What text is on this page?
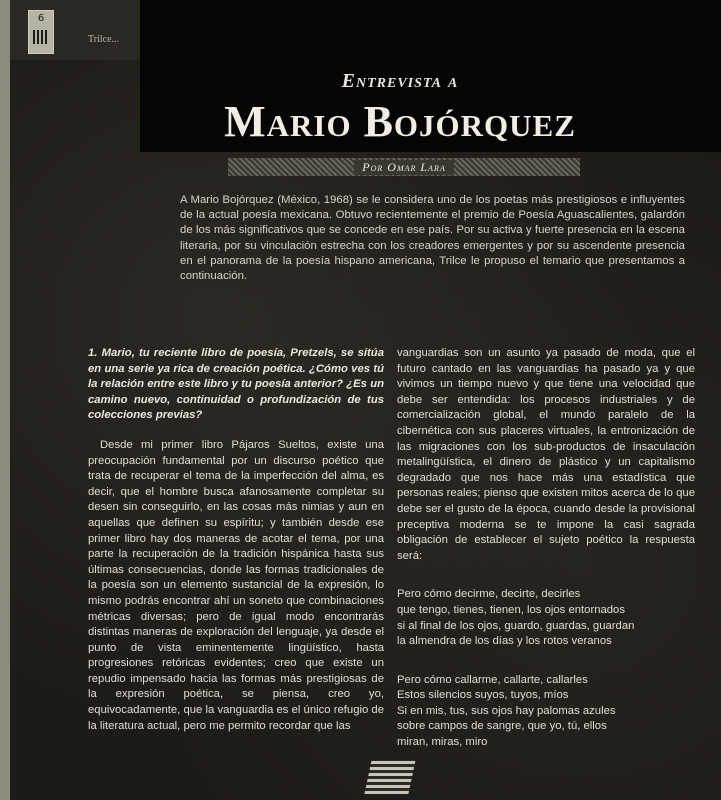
6
Trilce...
Entrevista a
Mario Bojórquez
Por Omar Lara

A Mario Bojórquez (México, 1968) se le considera uno de los poetas más prestigiosos e influyentes de la actual poesía mexicana. Obtuvo recientemente el premio de Poesía Aguascalientes, galardón de los más significativos que se concede en ese país. Por su activa y fuerte presencia en la escena literaria, por su vinculación estrecha con los creadores emergentes y por su ascendente presencia en el panorama de la poesía hispano americana, Trilce le propuso el temario que presentamos a continuación.

1. Mario, tu reciente libro de poesía, Pretzels, se sitúa en una serie ya rica de creación poética. ¿Cómo ves tú la relación entre este libro y tu poesía anterior? ¿Es un camino nuevo, continuidad o profundización de tus colecciones previas?

Desde mi primer libro Pájaros Sueltos, existe una preocupación fundamental por un discurso poético que trata de recuperar el tema de la imperfección del alma, es decir, que el hombre busca afanosamente completar su desen sin conseguirlo, en las cosas más nimias y aun en aquellas que definen su espíritu; y también desde ese primer libro hay dos maneras de acotar el tema, por una parte la recuperación de la tradición hispánica hasta sus últimas consecuencias, donde las formas tradicionales de la poesía son un elemento sustancial de la expresión, lo mismo podrás encontrar ahí un soneto que combinaciones métricas diversas; pero de igual modo encontrarás distintas maneras de exploración del lenguaje, ya desde el punto de vista eminentemente lingüístico, hasta progresiones retóricas evidentes; creo que existe un repudio impensado hacia las formas más prestigiosas de la expresión poética, se piensa, creo yo, equivocadamente, que la vanguardia es el único refugio de la literatura actual, pero me permito recordar que las

vanguardias son un asunto ya pasado de moda, que el futuro cantado en las vanguardias ha pasado ya y que vivimos un tiempo nuevo y que tiene una velocidad que debe ser entendida: los procesos industriales y de comercialización global, el mundo paralelo de la cibernética con sus placeres virtuales, la entronización de las migraciones con los sub-productos de insaculación metalingüística, el dinero de plástico y un capitalismo degradado que nos hace más una estadística que personas reales; pienso que existen mitos acerca de lo que debe ser el gusto de la época, cuando desde la provisional preceptiva moderna se te impone la casi sagrada obligación de establecer el sujeto poético la respuesta será:

Pero cómo decirme, decirte, decirles
que tengo, tienes, tienen, los ojos entornados
si al final de los ojos, guardo, guardas, guardan
la almendra de los días y los rotos veranos
Pero cómo callarme, callarte, callarles
Estos silencios suyos, tuyos, míos
Si en mis, tus, sus ojos hay palomas azules
sobre campos de sangre, que yo, tú, ellos
miran, miras, miro
